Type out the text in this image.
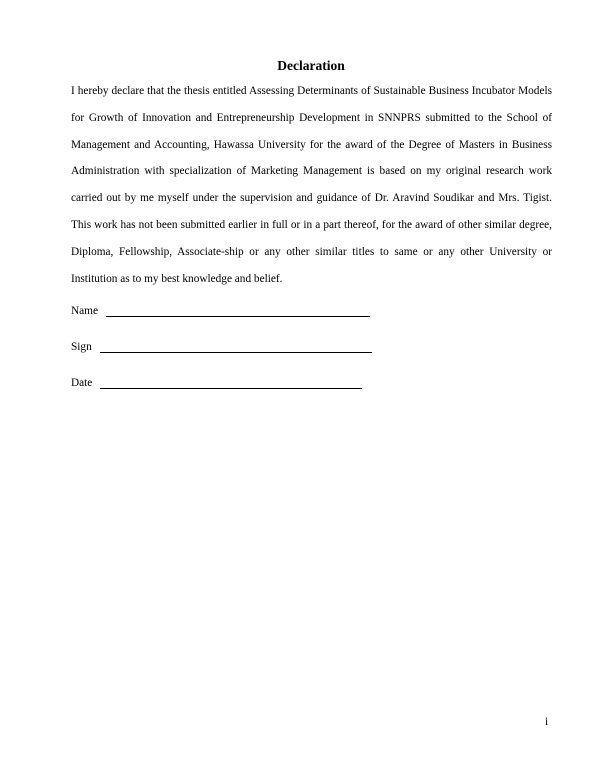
Declaration

I hereby declare that the thesis entitled Assessing Determinants of Sustainable Business Incubator Models for Growth of Innovation and Entrepreneurship Development in SNNPRS submitted to the School of Management and Accounting, Hawassa University for the award of the Degree of Masters in Business Administration with specialization of Marketing Management is based on my original research work carried out by me myself under the supervision and guidance of Dr. Aravind Soudikar and Mrs. Tigist. This work has not been submitted earlier in full or in a part thereof, for the award of other similar degree, Diploma, Fellowship, Associate-ship or any other similar titles to same or any other University or Institution as to my best knowledge and belief.

Name
Sign
Date
i
